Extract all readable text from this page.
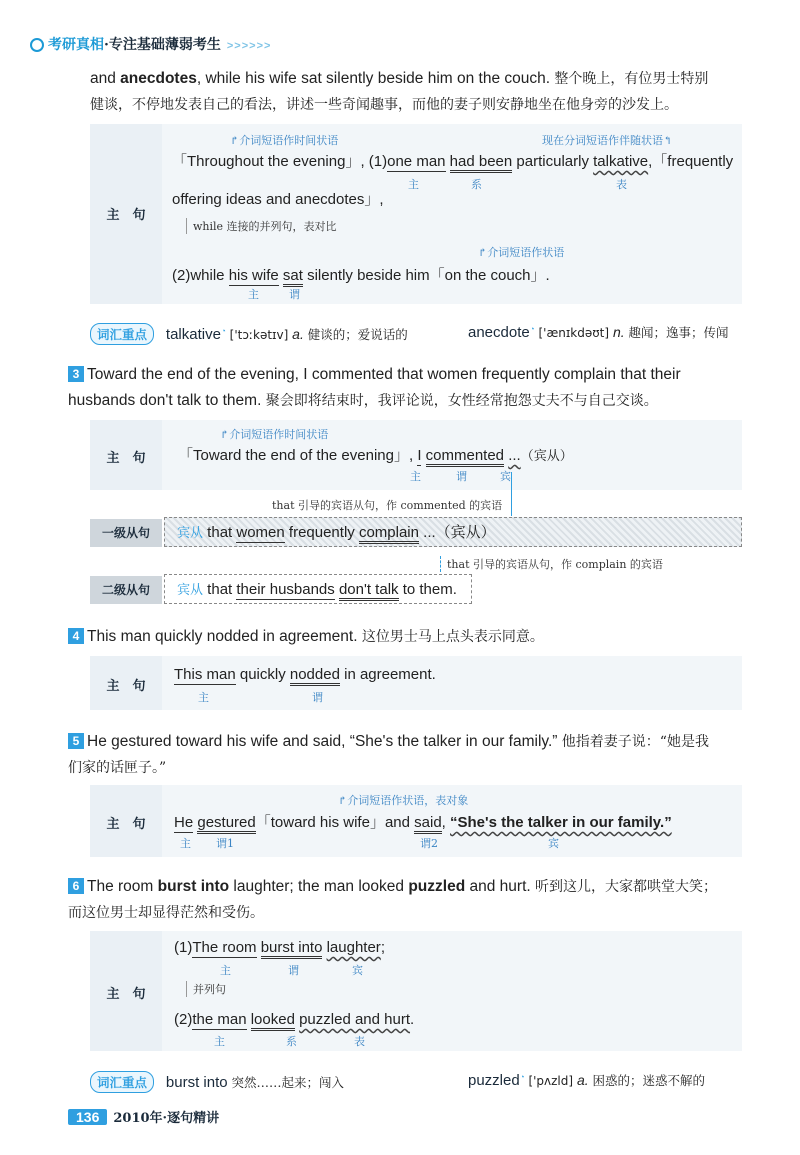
考研真相·专注基础薄弱考生 >>>>>>
and anecdotes, while his wife sat silently beside him on the couch. 整个晚上，有位男士特别
健谈，不停地发表自己的看法，讲述一些奇闻趣事，而他的妻子则安静地坐在他身旁的沙发上。
主　句
↱介词短语作时间状语	现在分词短语作伴随状语↰
「Throughout the evening」, (1)one man had been particularly talkative,「frequently
主	系	表
offering ideas and anecdotes」,
while 连接的并列句，表对比
↱介词短语作状语
(2)while his wife sat silently beside him「on the couch」.
主	谓
词汇重点 talkative◔ ['tɔːkətɪv] a. 健谈的；爱说话的	anecdote◔ ['ænɪkdəʊt] n. 趣闻；逸事；传闻
3 Toward the end of the evening, I commented that women frequently complain that their
husbands don't talk to them. 聚会即将结束时，我评论说，女性经常抱怨丈夫不与自己交谈。
主　句
↱介词短语作时间状语
「Toward the end of the evening」, I commented ...（宾从）
主	谓	宾
that 引导的宾语从句，作 commented 的宾语
一级从句	宾从 that women frequently complain ...（宾从）
that 引导的宾语从句，作 complain 的宾语
二级从句	宾从 that their husbands don't talk to them.
4 This man quickly nodded in agreement. 这位男士马上点头表示同意。
主　句
This man quickly nodded in agreement.
主	谓
5 He gestured toward his wife and said, “She's the talker in our family.” 他指着妻子说：“她是我
们家的话匣子。”
主　句
↱介词短语作状语，表对象
He gestured「toward his wife」and said, “She's the talker in our family.”
主 谓1	谓2	宾
6 The room burst into laughter; the man looked puzzled and hurt. 听到这儿，大家都哄堂大笑；
而这位男士却显得茫然和受伤。
主　句
(1)The room burst into laughter;
主	谓	宾
并列句
(2)the man looked puzzled and hurt.
主	系	表
词汇重点 burst into 突然……起来；闯入	puzzled◔ ['pʌzld] a. 困惑的；迷惑不解的
136 2010年·逐句精讲
